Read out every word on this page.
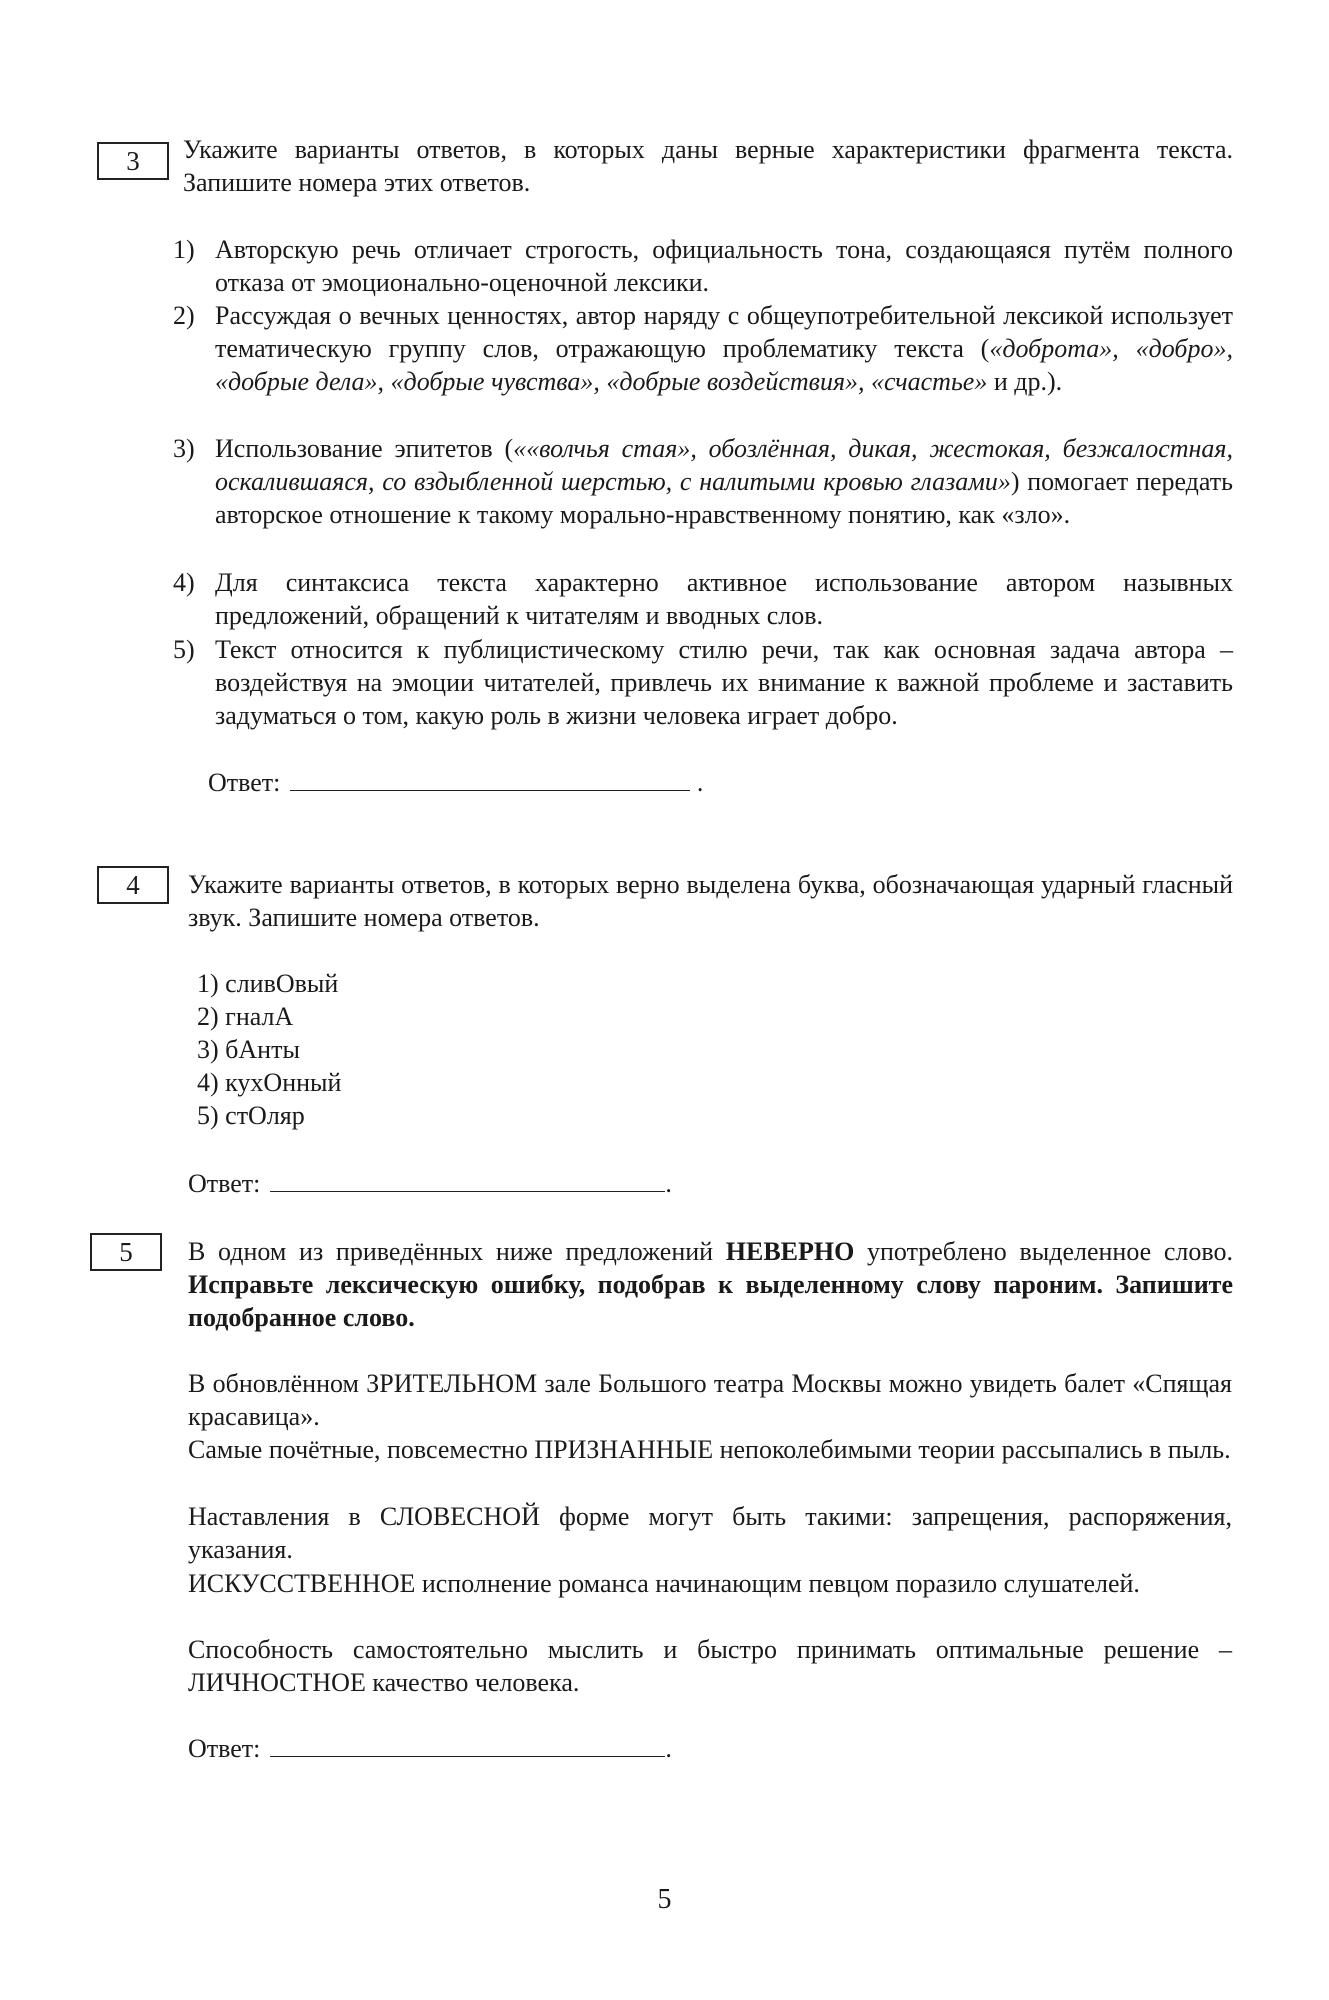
3	Укажите варианты ответов, в которых даны верные характеристики фрагмента текста. Запишите номера этих ответов.
1) Авторскую речь отличает строгость, официальность тона, создающаяся путём полного отказа от эмоционально-оценочной лексики.
2) Рассуждая о вечных ценностях, автор наряду с общеупотребительной лексикой использует тематическую группу слов, отражающую проблематику текста («доброта», «добро», «добрые дела», «добрые чувства», «добрые воздействия», «счастье» и др.).
3) Использование эпитетов (««волчья стая», обозлённая, дикая, жестокая, безжалостная, оскалившаяся, со вздыбленной шерстью, с налитыми кровью глазами») помогает передать авторское отношение к такому морально-нравственному понятию, как «зло».
4) Для синтаксиса текста характерно активное использование автором назывных предложений, обращений к читателям и вводных слов.
5) Текст относится к публицистическому стилю речи, так как основная задача автора – воздействуя на эмоции читателей, привлечь их внимание к важной проблеме и заставить задуматься о том, какую роль в жизни человека играет добро.
Ответ:	.
4	Укажите варианты ответов, в которых верно выделена буква, обозначающая ударный гласный звук. Запишите номера ответов.
1) сливОвый
2) гналА
3) бАнты
4) кухОнный
5) стОляр
Ответ:	.
5	В одном из приведённых ниже предложений НЕВЕРНО употреблено выделенное слово. Исправьте лексическую ошибку, подобрав к выделенному слову пароним. Запишите подобранное слово.
В обновлённом ЗРИТЕЛЬНОМ зале Большого театра Москвы можно увидеть балет «Спящая красавица».
Самые почётные, повсеместно ПРИЗНАННЫЕ непоколебимыми теории рассыпались в пыль.
Наставления в СЛОВЕСНОЙ форме могут быть такими: запрещения, распоряжения, указания.
ИСКУССТВЕННОЕ исполнение романса начинающим певцом поразило слушателей.
Способность самостоятельно мыслить и быстро принимать оптимальные решение – ЛИЧНОСТНОЕ качество человека.
Ответ:	.
5
